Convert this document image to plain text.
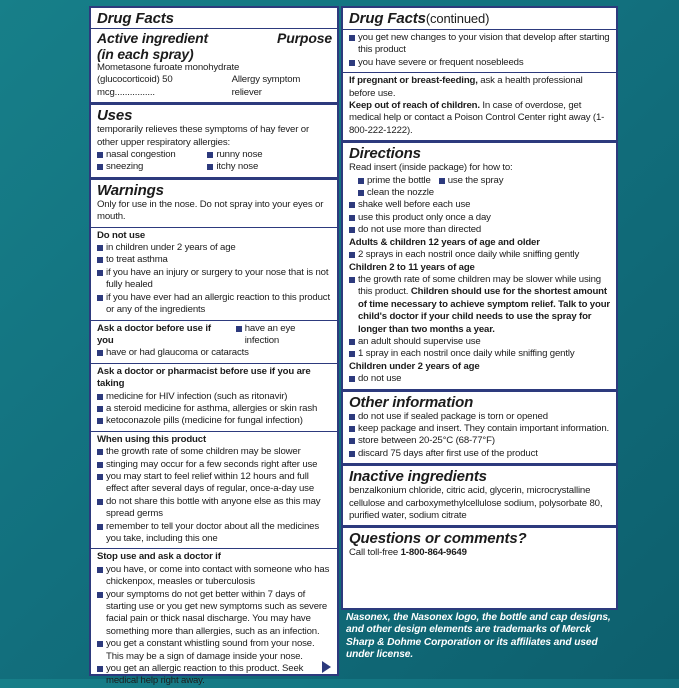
Drug Facts
Active ingredient	Purpose
(in each spray)
Mometasone furoate monohydrate
(glucocorticoid) 50 mcg................
Allergy symptom reliever
Uses
temporarily relieves these symptoms of hay fever or other upper respiratory allergies:
nasal congestion	runny nose
sneezing	itchy nose
Warnings
Only for use in the nose. Do not spray into your eyes or mouth.
Do not use
in children under 2 years of age
to treat asthma
if you have an injury or surgery to your nose that is not fully healed
if you have ever had an allergic reaction to this product or any of the ingredients
Ask a doctor before use if you
have an eye infection
have or had glaucoma or cataracts
Ask a doctor or pharmacist before use if you are taking
medicine for HIV infection (such as ritonavir)
a steroid medicine for asthma, allergies or skin rash
ketoconazole pills (medicine for fungal infection)
When using this product
the growth rate of some children may be slower
stinging may occur for a few seconds right after use
you may start to feel relief within 12 hours and full effect after several days of regular, once-a-day use
do not share this bottle with anyone else as this may spread germs
remember to tell your doctor about all the medicines you take, including this one
Stop use and ask a doctor if
you have, or come into contact with someone who has chickenpox, measles or tuberculosis
your symptoms do not get better within 7 days of starting use or you get new symptoms such as severe facial pain or thick nasal discharge. You may have something more than allergies, such as an infection.
you get a constant whistling sound from your nose. This may be a sign of damage inside your nose.
you get an allergic reaction to this product. Seek medical help right away.
Drug Facts(continued)
you get new changes to your vision that develop after starting this product
you have severe or frequent nosebleeds
If pregnant or breast-feeding, ask a health professional before use.
Keep out of reach of children. In case of overdose, get medical help or contact a Poison Control Center right away (1-800-222-1222).
Directions
Read insert (inside package) for how to:
prime the bottle	use the spray
clean the nozzle
shake well before each use
use this product only once a day
do not use more than directed
Adults & children 12 years of age and older
2 sprays in each nostril once daily while sniffing gently
Children 2 to 11 years of age
the growth rate of some children may be slower while using this product. Children should use for the shortest amount of time necessary to achieve symptom relief. Talk to your child's doctor if your child needs to use the spray for longer than two months a year.
an adult should supervise use
1 spray in each nostril once daily while sniffing gently
Children under 2 years of age
do not use
Other information
do not use if sealed package is torn or opened
keep package and insert. They contain important information.
store between 20-25°C (68-77°F)
discard 75 days after first use of the product
Inactive ingredients
benzalkonium chloride, citric acid, glycerin, microcrystalline cellulose and carboxymethylcellulose sodium, polysorbate 80, purified water, sodium citrate
Questions or comments?
Call toll-free 1-800-864-9649
Nasonex, the Nasonex logo, the bottle and cap designs, and other design elements are trademarks of Merck Sharp & Dohme Corporation or its affiliates and used under license.
